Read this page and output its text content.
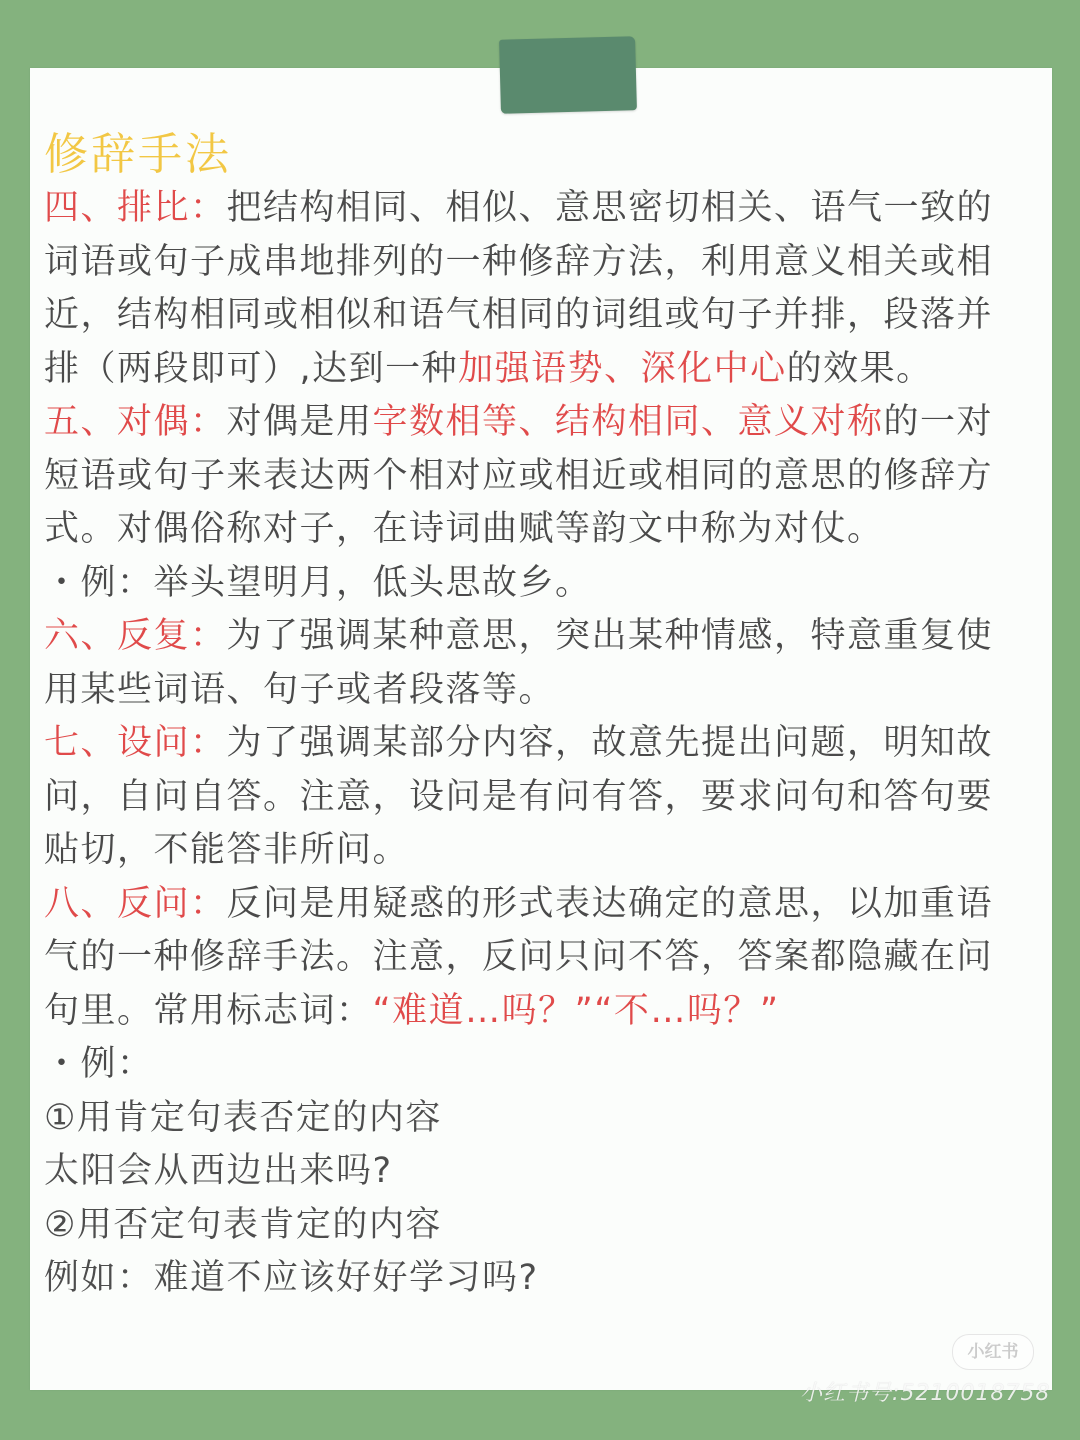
修辞手法
四、排比：把结构相同、相似、意思密切相关、语气一致的
词语或句子成串地排列的一种修辞方法，利用意义相关或相
近，结构相同或相似和语气相同的词组或句子并排，段落并
排（两段即可）,达到一种加强语势、深化中心的效果。
五、对偶：对偶是用字数相等、结构相同、意义对称的一对
短语或句子来表达两个相对应或相近或相同的意思的修辞方
式。对偶俗称对子，在诗词曲赋等韵文中称为对仗。
・例：举头望明月，低头思故乡。
六、反复：为了强调某种意思，突出某种情感，特意重复使
用某些词语、句子或者段落等。
七、设问：为了强调某部分内容，故意先提出问题，明知故
问，自问自答。注意，设问是有问有答，要求问句和答句要
贴切，不能答非所问。
八、反问：反问是用疑惑的形式表达确定的意思，以加重语
气的一种修辞手法。注意，反问只问不答，答案都隐藏在问
句里。常用标志词：“难道…吗？”“不…吗？”
・例：
①用肯定句表否定的内容
太阳会从西边出来吗?
②用否定句表肯定的内容
例如：难道不应该好好学习吗?
小红书
小红书号:5210018758
